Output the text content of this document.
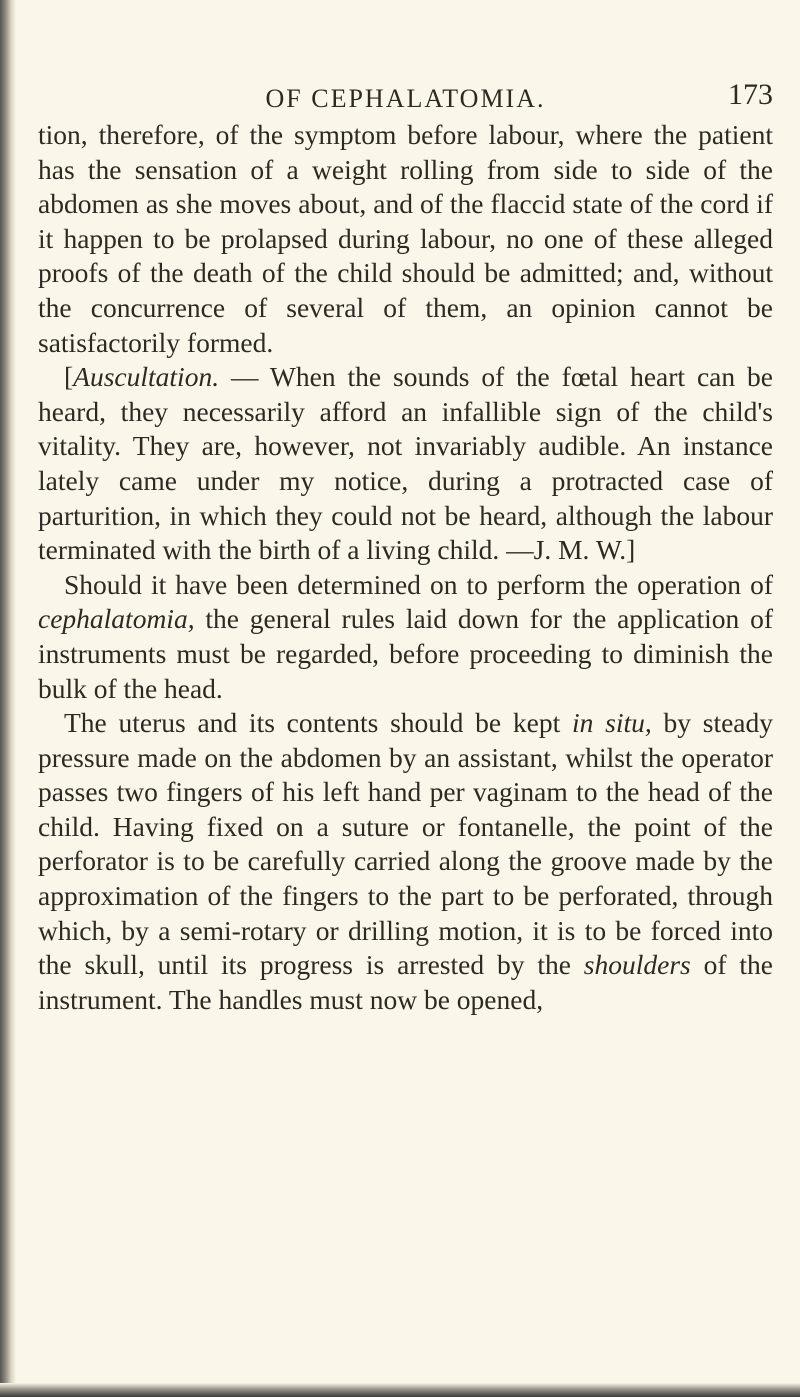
OF CEPHALATOMIA.	173

tion, therefore, of the symptom before labour, where the patient has the sensation of a weight rolling from side to side of the abdomen as she moves about, and of the flaccid state of the cord if it happen to be prolapsed during labour, no one of these alleged proofs of the death of the child should be admitted; and, without the concurrence of several of them, an opinion cannot be satisfactorily formed.

[Auscultation. — When the sounds of the fœtal heart can be heard, they necessarily afford an infallible sign of the child's vitality. They are, however, not invariably audible. An instance lately came under my notice, during a protracted case of parturition, in which they could not be heard, although the labour terminated with the birth of a living child. —J. M. W.]

Should it have been determined on to perform the operation of cephalatomia, the general rules laid down for the application of instruments must be regarded, before proceeding to diminish the bulk of the head.

The uterus and its contents should be kept in situ, by steady pressure made on the abdomen by an assistant, whilst the operator passes two fingers of his left hand per vaginam to the head of the child. Having fixed on a suture or fontanelle, the point of the perforator is to be carefully carried along the groove made by the approximation of the fingers to the part to be perforated, through which, by a semi-rotary or drilling motion, it is to be forced into the skull, until its progress is arrested by the shoulders of the instrument. The handles must now be opened,
